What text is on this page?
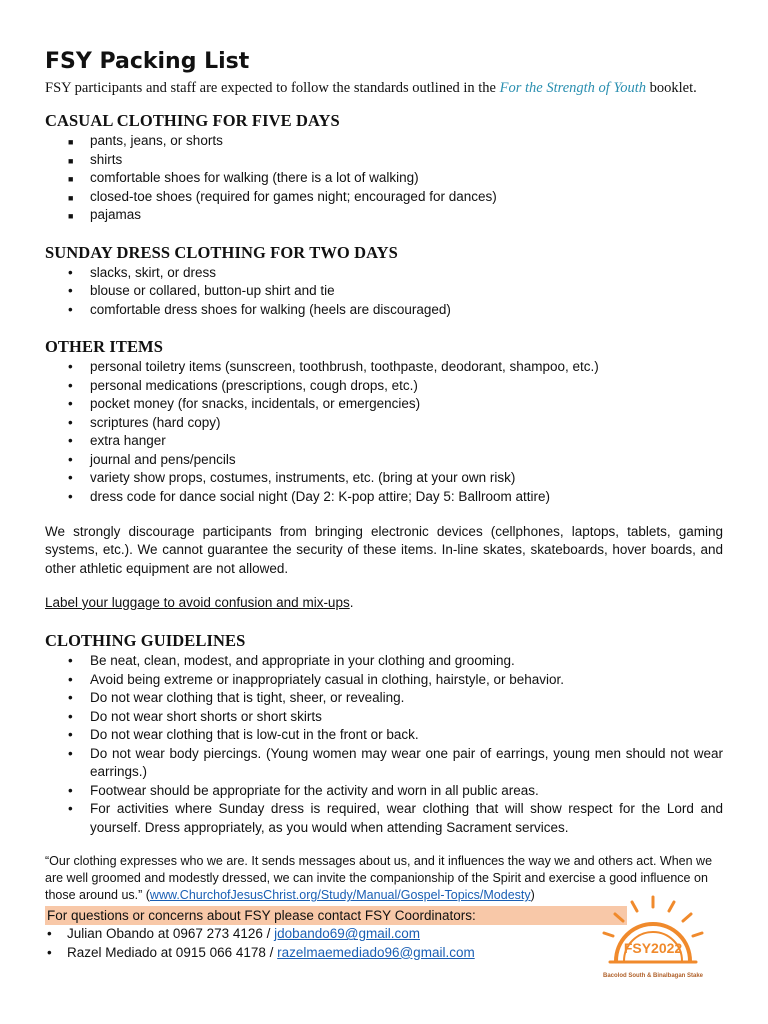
FSY Packing List

FSY participants and staff are expected to follow the standards outlined in the For the Strength of Youth booklet.

CASUAL CLOTHING FOR FIVE DAYS
■ pants, jeans, or shorts
■ shirts
■ comfortable shoes for walking (there is a lot of walking)
■ closed-toe shoes (required for games night; encouraged for dances)
■ pajamas
SUNDAY DRESS CLOTHING FOR TWO DAYS
• slacks, skirt, or dress
• blouse or collared, button-up shirt and tie
• comfortable dress shoes for walking (heels are discouraged)
OTHER ITEMS
• personal toiletry items (sunscreen, toothbrush, toothpaste, deodorant, shampoo, etc.)
• personal medications (prescriptions, cough drops, etc.)
• pocket money (for snacks, incidentals, or emergencies)
• scriptures (hard copy)
• extra hanger
• journal and pens/pencils
• variety show props, costumes, instruments, etc. (bring at your own risk)
• dress code for dance social night (Day 2: K-pop attire; Day 5: Ballroom attire)

We strongly discourage participants from bringing electronic devices (cellphones, laptops, tablets, gaming systems, etc.). We cannot guarantee the security of these items. In-line skates, skateboards, hover boards, and other athletic equipment are not allowed.

Label your luggage to avoid confusion and mix-ups.

CLOTHING GUIDELINES
• Be neat, clean, modest, and appropriate in your clothing and grooming.
• Avoid being extreme or inappropriately casual in clothing, hairstyle, or behavior.
• Do not wear clothing that is tight, sheer, or revealing.
• Do not wear short shorts or short skirts
• Do not wear clothing that is low-cut in the front or back.
• Do not wear body piercings. (Young women may wear one pair of earrings, young men should not wear earrings.)
• Footwear should be appropriate for the activity and worn in all public areas.
• For activities where Sunday dress is required, wear clothing that will show respect for the Lord and yourself. Dress appropriately, as you would when attending Sacrament services.

“Our clothing expresses who we are. It sends messages about us, and it influences the way we and others act. When we are well groomed and modestly dressed, we can invite the companionship of the Spirit and exercise a good influence on those around us.” (www.ChurchofJesusChrist.org/Study/Manual/Gospel-Topics/Modesty)

For questions or concerns about FSY please contact FSY Coordinators:
• Julian Obando at 0967 273 4126 / jdobando69@gmail.com
• Razel Mediado at 0915 066 4178 / razelmaemediado96@gmail.com	FSY2022
Bacolod South & Binalbagan Stake
